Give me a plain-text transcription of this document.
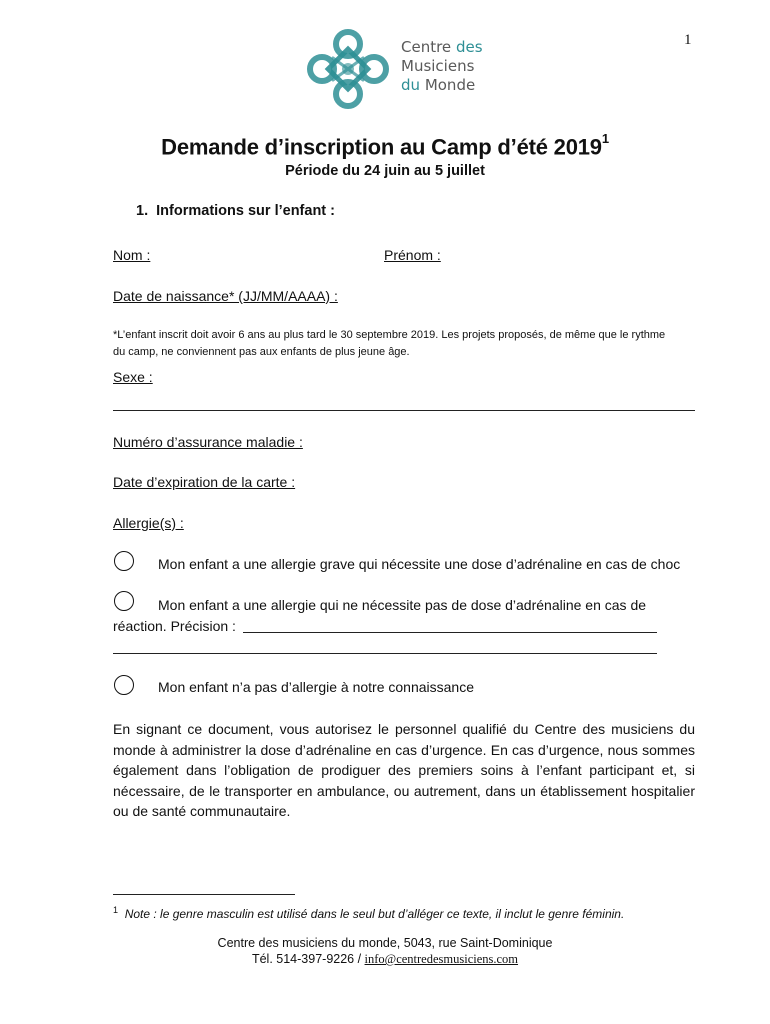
1
Centre des
Musiciens
du Monde
Demande d’inscription au Camp d’été 2019$^1$
Période du 24 juin au 5 juillet
1.  Informations sur l’enfant :
Nom :	Prénom :
Date de naissance* (JJ/MM/AAAA) :
*L’enfant inscrit doit avoir 6 ans au plus tard le 30 septembre 2019. Les projets proposés, de même que le rythme
du camp, ne conviennent pas aux enfants de plus jeune âge.
Sexe :
Numéro d’assurance maladie :
Date d’expiration de la carte :
Allergie(s) :
Mon enfant a une allergie grave qui nécessite une dose d’adrénaline en cas de choc
Mon enfant a une allergie qui ne nécessite pas de dose d’adrénaline en cas de
réaction. Précision :
Mon enfant n’a pas d’allergie à notre connaissance
En signant ce document, vous autorisez le personnel qualifié du Centre des musiciens du monde à administrer la dose d’adrénaline en cas d’urgence. En cas d’urgence, nous sommes également dans l’obligation de prodiguer des premiers soins à l’enfant participant et, si nécessaire, de le transporter en ambulance, ou autrement, dans un établissement hospitalier ou de santé communautaire.
$^1$ Note : le genre masculin est utilisé dans le seul but d’alléger ce texte, il inclut le genre féminin.
Centre des musiciens du monde, 5043, rue Saint-Dominique
Tél. 514-397-9226 / info@centredesmusiciens.com
